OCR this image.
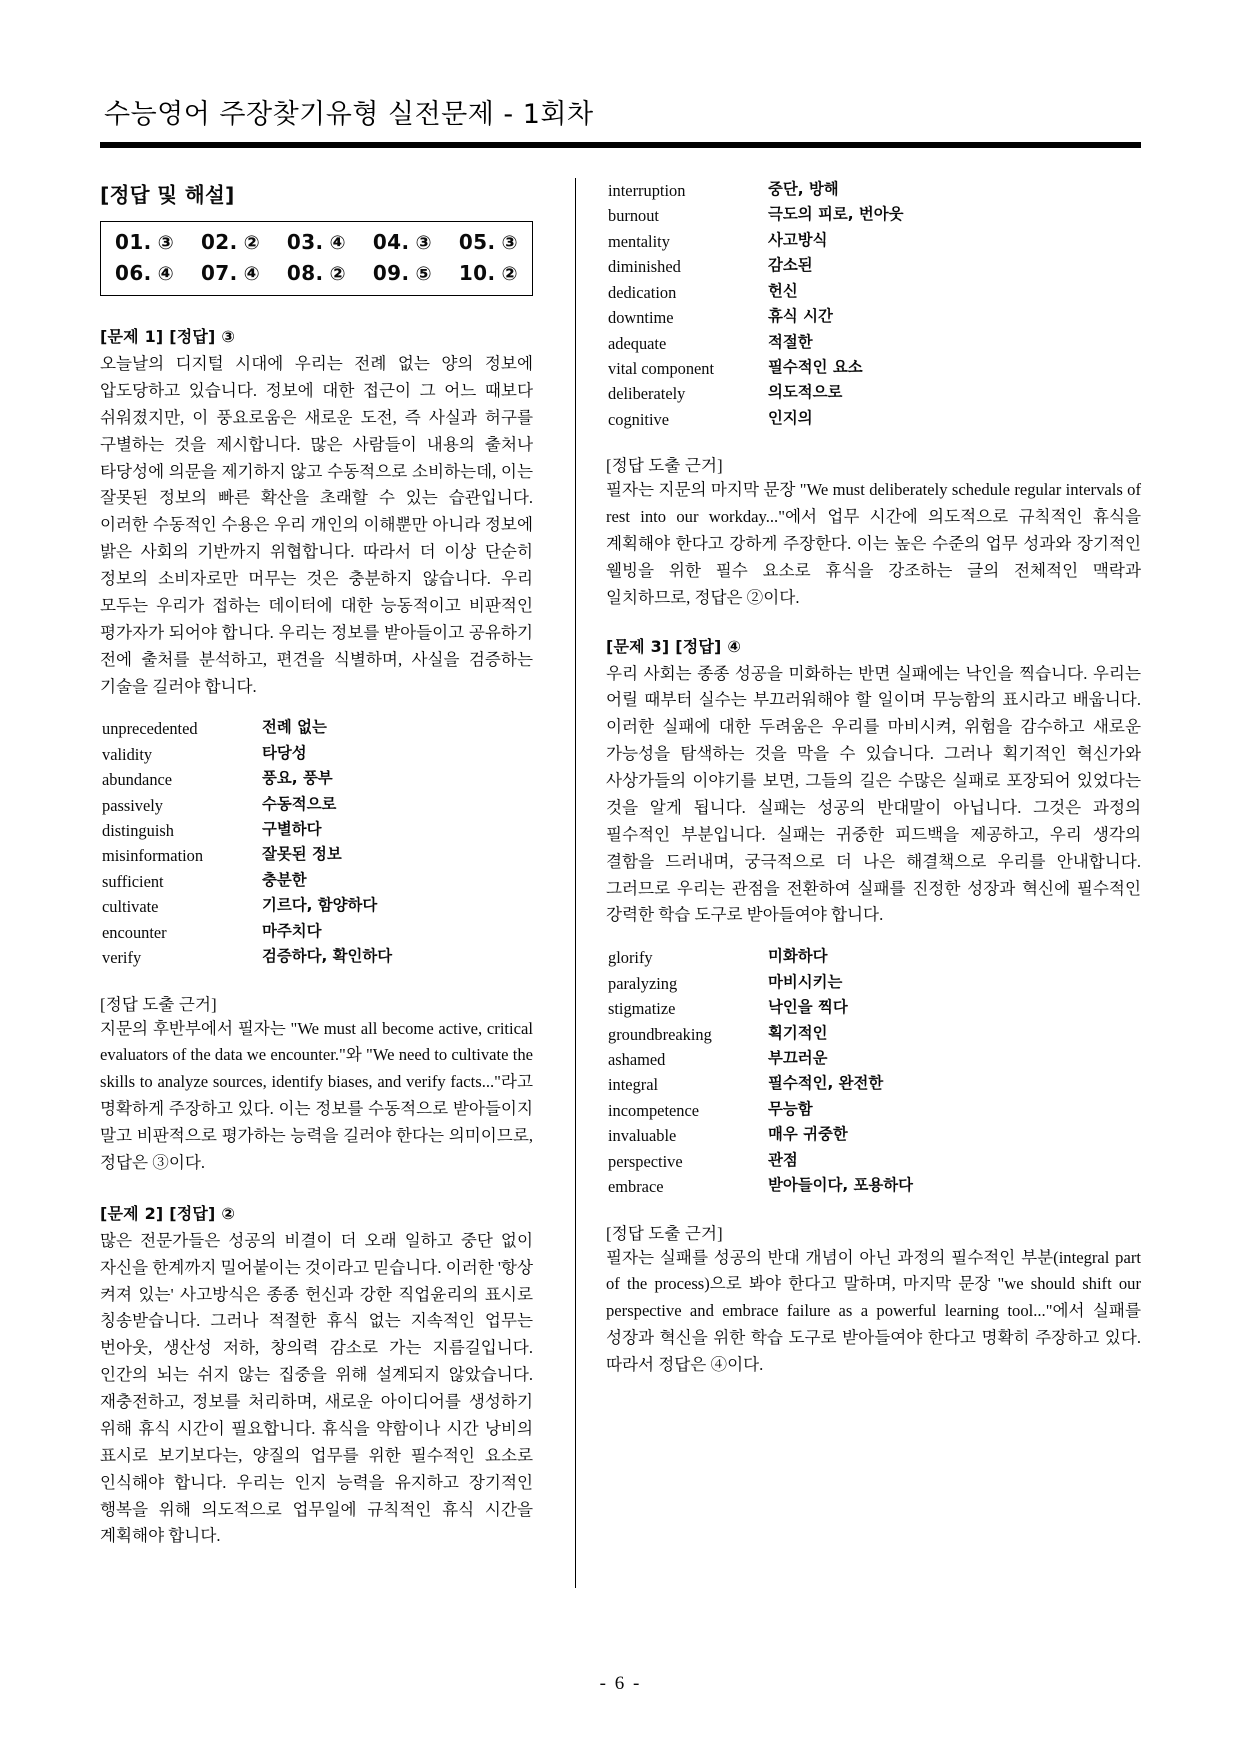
수능영어 주장찾기유형 실전문제 - 1회차
[정답 및 해설]
01. ③ 02. ② 03. ④ 04. ③ 05. ③
06. ④ 07. ④ 08. ② 09. ⑤ 10. ②
[문제 1] [정답] ③

오늘날의 디지털 시대에 우리는 전례 없는 양의 정보에 압도당하고 있습니다. 정보에 대한 접근이 그 어느 때보다 쉬워졌지만, 이 풍요로움은 새로운 도전, 즉 사실과 허구를 구별하는 것을 제시합니다. 많은 사람들이 내용의 출처나 타당성에 의문을 제기하지 않고 수동적으로 소비하는데, 이는 잘못된 정보의 빠른 확산을 초래할 수 있는 습관입니다. 이러한 수동적인 수용은 우리 개인의 이해뿐만 아니라 정보에 밝은 사회의 기반까지 위협합니다. 따라서 더 이상 단순히 정보의 소비자로만 머무는 것은 충분하지 않습니다. 우리 모두는 우리가 접하는 데이터에 대한 능동적이고 비판적인 평가자가 되어야 합니다. 우리는 정보를 받아들이고 공유하기 전에 출처를 분석하고, 편견을 식별하며, 사실을 검증하는 기술을 길러야 합니다.

unprecedented	전례 없는
validity	타당성
abundance	풍요, 풍부
passively	수동적으로
distinguish	구별하다
misinformation	잘못된 정보
sufficient	충분한
cultivate	기르다, 함양하다
encounter	마주치다
verify	검증하다, 확인하다
[정답 도출 근거]

지문의 후반부에서 필자는 "We must all become active, critical evaluators of the data we encounter."와 "We need to cultivate the skills to analyze sources, identify biases, and verify facts..."라고 명확하게 주장하고 있다. 이는 정보를 수동적으로 받아들이지 말고 비판적으로 평가하는 능력을 길러야 한다는 의미이므로, 정답은 ③이다.

[문제 2] [정답] ②

많은 전문가들은 성공의 비결이 더 오래 일하고 중단 없이 자신을 한계까지 밀어붙이는 것이라고 믿습니다. 이러한 '항상 켜져 있는' 사고방식은 종종 헌신과 강한 직업윤리의 표시로 칭송받습니다. 그러나 적절한 휴식 없는 지속적인 업무는 번아웃, 생산성 저하, 창의력 감소로 가는 지름길입니다. 인간의 뇌는 쉬지 않는 집중을 위해 설계되지 않았습니다. 재충전하고, 정보를 처리하며, 새로운 아이디어를 생성하기 위해 휴식 시간이 필요합니다. 휴식을 약함이나 시간 낭비의 표시로 보기보다는, 양질의 업무를 위한 필수적인 요소로 인식해야 합니다. 우리는 인지 능력을 유지하고 장기적인 행복을 위해 의도적으로 업무일에 규칙적인 휴식 시간을 계획해야 합니다.

interruption	중단, 방해
burnout	극도의 피로, 번아웃
mentality	사고방식
diminished	감소된
dedication	헌신
downtime	휴식 시간
adequate	적절한
vital component	필수적인 요소
deliberately	의도적으로
cognitive	인지의
[정답 도출 근거]

필자는 지문의 마지막 문장 "We must deliberately schedule regular intervals of rest into our workday..."에서 업무 시간에 의도적으로 규칙적인 휴식을 계획해야 한다고 강하게 주장한다. 이는 높은 수준의 업무 성과와 장기적인 웰빙을 위한 필수 요소로 휴식을 강조하는 글의 전체적인 맥락과 일치하므로, 정답은 ②이다.

[문제 3] [정답] ④

우리 사회는 종종 성공을 미화하는 반면 실패에는 낙인을 찍습니다. 우리는 어릴 때부터 실수는 부끄러워해야 할 일이며 무능함의 표시라고 배웁니다. 이러한 실패에 대한 두려움은 우리를 마비시켜, 위험을 감수하고 새로운 가능성을 탐색하는 것을 막을 수 있습니다. 그러나 획기적인 혁신가와 사상가들의 이야기를 보면, 그들의 길은 수많은 실패로 포장되어 있었다는 것을 알게 됩니다. 실패는 성공의 반대말이 아닙니다. 그것은 과정의 필수적인 부분입니다. 실패는 귀중한 피드백을 제공하고, 우리 생각의 결함을 드러내며, 궁극적으로 더 나은 해결책으로 우리를 안내합니다. 그러므로 우리는 관점을 전환하여 실패를 진정한 성장과 혁신에 필수적인 강력한 학습 도구로 받아들여야 합니다.

glorify	미화하다
paralyzing	마비시키는
stigmatize	낙인을 찍다
groundbreaking	획기적인
ashamed	부끄러운
integral	필수적인, 완전한
incompetence	무능함
invaluable	매우 귀중한
perspective	관점
embrace	받아들이다, 포용하다
[정답 도출 근거]

필자는 실패를 성공의 반대 개념이 아닌 과정의 필수적인 부분(integral part of the process)으로 봐야 한다고 말하며, 마지막 문장 "we should shift our perspective and embrace failure as a powerful learning tool..."에서 실패를 성장과 혁신을 위한 학습 도구로 받아들여야 한다고 명확히 주장하고 있다. 따라서 정답은 ④이다.

- 6 -
